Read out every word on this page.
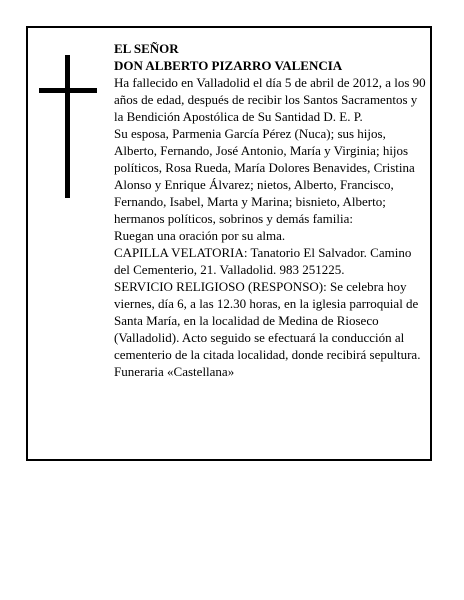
EL SEÑOR

DON ALBERTO PIZARRO VALENCIA

Ha fallecido en Valladolid el día 5 de abril de 2012, a los 90 años de edad, después de recibir los Santos Sacramentos y la Bendición Apostólica de Su Santidad D. E. P.

Su esposa, Parmenia García Pérez (Nuca); sus hijos, Alberto, Fernando, José Antonio, María y Virginia; hijos políticos, Rosa Rueda, María Dolores Benavides, Cristina Alonso y Enrique Álvarez; nietos, Alberto, Francisco, Fernando, Isabel, Marta y Marina; bisnieto, Alberto; hermanos políticos, sobrinos y demás familia:

Ruegan una oración por su alma.

CAPILLA VELATORIA: Tanatorio El Salvador. Camino del Cementerio, 21. Valladolid. 983 251225.

SERVICIO RELIGIOSO (RESPONSO): Se celebra hoy viernes, día 6, a las 12.30 horas, en la iglesia parroquial de Santa María, en la localidad de Medina de Rioseco (Valladolid). Acto seguido se efectuará la conducción al cementerio de la citada localidad, donde recibirá sepultura.

Funeraria «Castellana»
